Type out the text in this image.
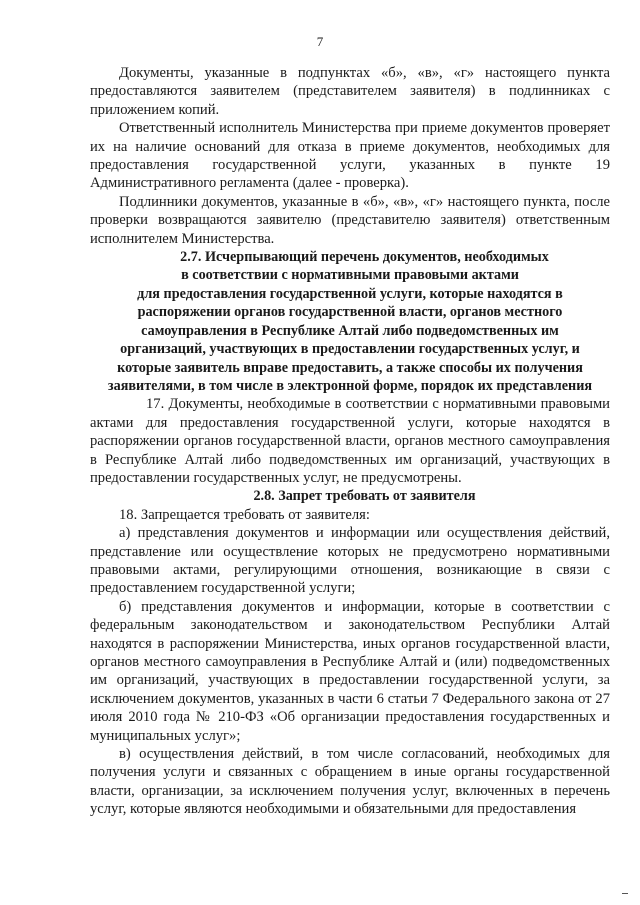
7

Документы, указанные в подпунктах «б», «в», «г» настоящего пункта предоставляются заявителем (представителем заявителя) в подлинниках с приложением копий.

Ответственный исполнитель Министерства при приеме документов проверяет их на наличие оснований для отказа в приеме документов, необходимых для предоставления государственной услуги, указанных в пункте 19 Административного регламента (далее - проверка).

Подлинники документов, указанные в «б», «в», «г» настоящего пункта, после проверки возвращаются заявителю (представителю заявителя) ответственным исполнителем Министерства.

2.7. Исчерпывающий перечень документов, необходимых
в соответствии с нормативными правовыми актами
для предоставления государственной услуги, которые находятся в
распоряжении органов государственной власти, органов местного
самоуправления в Республике Алтай либо подведомственных им
организаций, участвующих в предоставлении государственных услуг, и
которые заявитель вправе предоставить, а также способы их получения
заявителями, в том числе в электронной форме, порядок их представления

17. Документы, необходимые в соответствии с нормативными правовыми актами для предоставления государственной услуги, которые находятся в распоряжении органов государственной власти, органов местного самоуправления в Республике Алтай либо подведомственных им организаций, участвующих в предоставлении государственных услуг, не предусмотрены.

2.8. Запрет требовать от заявителя

18. Запрещается требовать от заявителя:

а) представления документов и информации или осуществления действий, представление или осуществление которых не предусмотрено нормативными правовыми актами, регулирующими отношения, возникающие в связи с предоставлением государственной услуги;

б) представления документов и информации, которые в соответствии с федеральным законодательством и законодательством Республики Алтай находятся в распоряжении Министерства, иных органов государственной власти, органов местного самоуправления в Республике Алтай и (или) подведомственных им организаций, участвующих в предоставлении государственной услуги, за исключением документов, указанных в части 6 статьи 7 Федерального закона от 27 июля 2010 года № 210-ФЗ «Об организации предоставления государственных и муниципальных услуг»;

в) осуществления действий, в том числе согласований, необходимых для получения услуги и связанных с обращением в иные органы государственной власти, организации, за исключением получения услуг, включенных в перечень услуг, которые являются необходимыми и обязательными для предоставления
